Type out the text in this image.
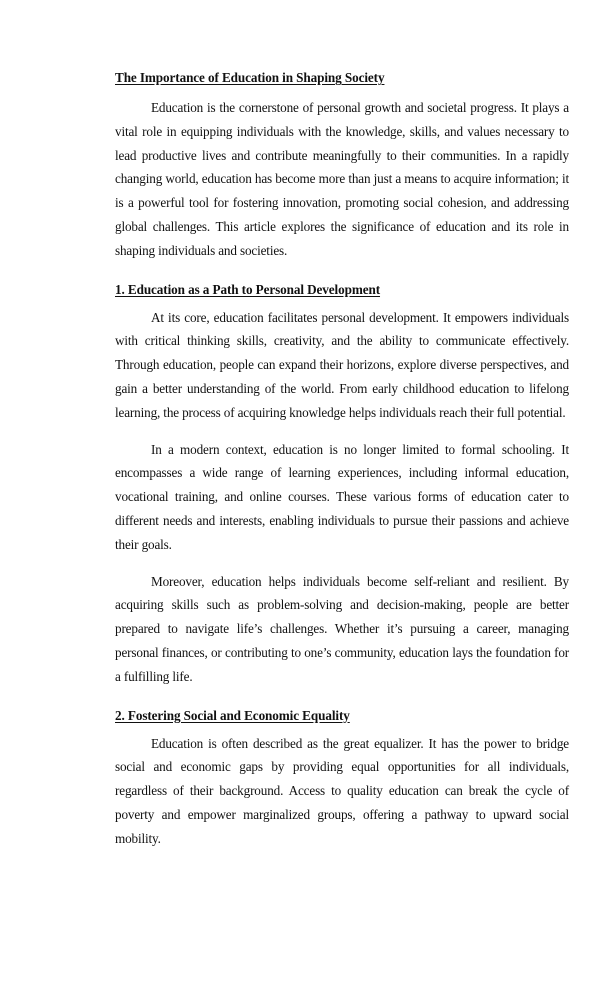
The Importance of Education in Shaping Society

Education is the cornerstone of personal growth and societal progress. It plays a vital role in equipping individuals with the knowledge, skills, and values necessary to lead productive lives and contribute meaningfully to their communities. In a rapidly changing world, education has become more than just a means to acquire information; it is a powerful tool for fostering innovation, promoting social cohesion, and addressing global challenges. This article explores the significance of education and its role in shaping individuals and societies.

1. Education as a Path to Personal Development

At its core, education facilitates personal development. It empowers individuals with critical thinking skills, creativity, and the ability to communicate effectively. Through education, people can expand their horizons, explore diverse perspectives, and gain a better understanding of the world. From early childhood education to lifelong learning, the process of acquiring knowledge helps individuals reach their full potential.

In a modern context, education is no longer limited to formal schooling. It encompasses a wide range of learning experiences, including informal education, vocational training, and online courses. These various forms of education cater to different needs and interests, enabling individuals to pursue their passions and achieve their goals.

Moreover, education helps individuals become self-reliant and resilient. By acquiring skills such as problem-solving and decision-making, people are better prepared to navigate life’s challenges. Whether it’s pursuing a career, managing personal finances, or contributing to one’s community, education lays the foundation for a fulfilling life.

2. Fostering Social and Economic Equality

Education is often described as the great equalizer. It has the power to bridge social and economic gaps by providing equal opportunities for all individuals, regardless of their background. Access to quality education can break the cycle of poverty and empower marginalized groups, offering a pathway to upward social mobility.
